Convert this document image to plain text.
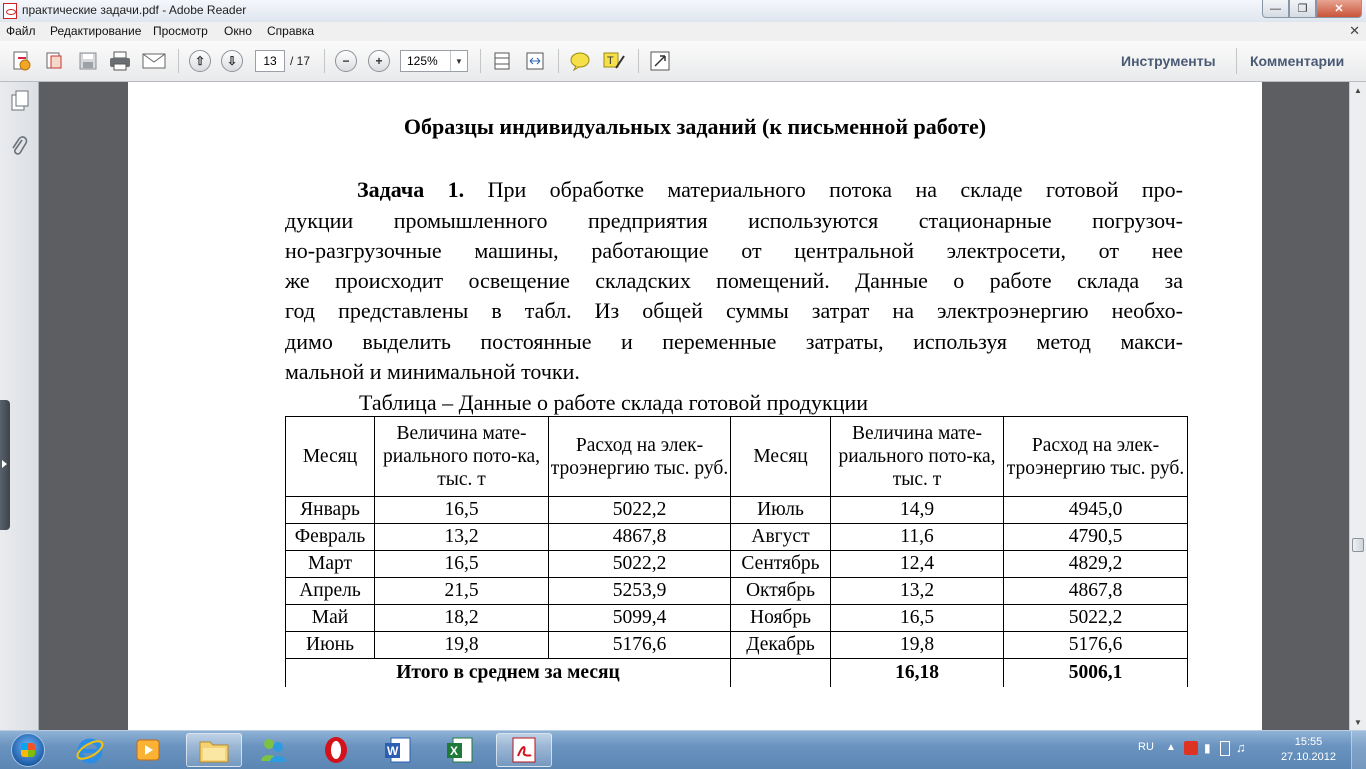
практические задачи.pdf - Adobe Reader	—	❐	✕
Файл Редактирование Просмотр Окно Справка	✕
⇧	⇩	−	+	T
13
/ 17	125%	▼	Инструменты Комментарии
Образцы индивидуальных заданий (к письменной работе)
Задача 1. При обработке материального потока на складе готовой про-
дукции промышленного предприятия используются стационарные погрузоч-
но-разгрузочные машины, работающие от центральной электросети, от нее
же происходит освещение складских помещений. Данные о работе склада за
год представлены в табл. Из общей суммы затрат на электроэнергию необхо-
димо выделить постоянные и переменные затраты, используя метод макси-
мальной и минимальной точки.
Таблица – Данные о работе склада готовой продукции
Месяц	Величина мате-риального пото-ка, тыс. т	Расход на элек-троэнергию тыс. руб.	Месяц	Величина мате-риального пото-ка, тыс. т	Расход на элек-троэнергию тыс. руб.
Январь	16,5	5022,2	Июль	14,9	4945,0
Февраль	13,2	4867,8	Август	11,6	4790,5
Март	16,5	5022,2	Сентябрь	12,4	4829,2
Апрель	21,5	5253,9	Октябрь	13,2	4867,8
Май	18,2	5099,4	Ноябрь	16,5	5022,2
Июнь	19,8	5176,6	Декабрь	19,8	5176,6
Итого в среднем за месяц				16,18	5006,1
▲
▼
W	X	RU ▲ ▮ ♫	15:55
27.10.2012
